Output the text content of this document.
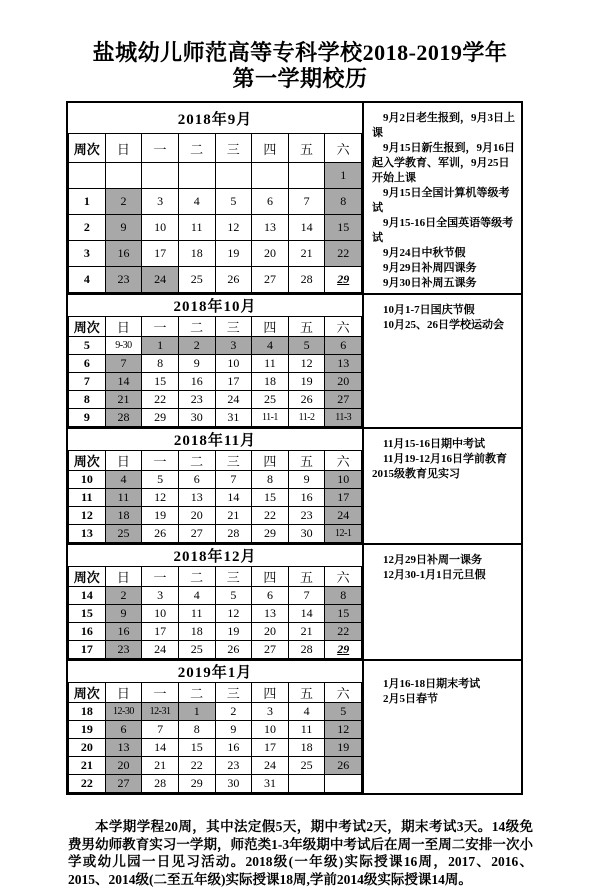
盐城幼儿师范高等专科学校2018-2019学年
第一学期校历
2018年9月							
周次	日	一	二	三	四	五	六
							1
1	2	3	4	5	6	7	8
2	9	10	11	12	13	14	15
3	16	17	18	19	20	21	22
4	23	24	25	26	27	28	29
9月2日老生报到，9月3日上课
9月15日新生报到，9月16日起入学教育、军训，9月25日开始上课
9月15日全国计算机等级考试
9月15-16日全国英语等级考试
9月24日中秋节假
9月29日补周四课务
9月30日补周五课务
2018年10月							
周次	日	一	二	三	四	五	六
5	9-30	1	2	3	4	5	6
6	7	8	9	10	11	12	13
7	14	15	16	17	18	19	20
8	21	22	23	24	25	26	27
9	28	29	30	31	11-1	11-2	11-3
10月1-7日国庆节假
10月25、26日学校运动会
2018年11月							
周次	日	一	二	三	四	五	六
10	4	5	6	7	8	9	10
11	11	12	13	14	15	16	17
12	18	19	20	21	22	23	24
13	25	26	27	28	29	30	12-1
11月15-16日期中考试
11月19-12月16日学前教育2015级教育见实习
2018年12月							
周次	日	一	二	三	四	五	六
14	2	3	4	5	6	7	8
15	9	10	11	12	13	14	15
16	16	17	18	19	20	21	22
17	23	24	25	26	27	28	29
12月29日补周一课务
12月30-1月1日元旦假
2019年1月							
周次	日	一	二	三	四	五	六
18	12-30	12-31	1	2	3	4	5
19	6	7	8	9	10	11	12
20	13	14	15	16	17	18	19
21	20	21	22	23	24	25	26
22	27	28	29	30	31		
1月16-18日期末考试
2月5日春节
本学期学程20周，其中法定假5天，期中考试2天，期末考试3天。14级免费男幼师教育实习一学期，师范类1-3年级期中考试后在周一至周二安排一次小学或幼儿园一日见习活动。2018级(一年级)实际授课16周，2017、2016、2015、2014级(二至五年级)实际授课18周,学前2014级实际授课14周。
